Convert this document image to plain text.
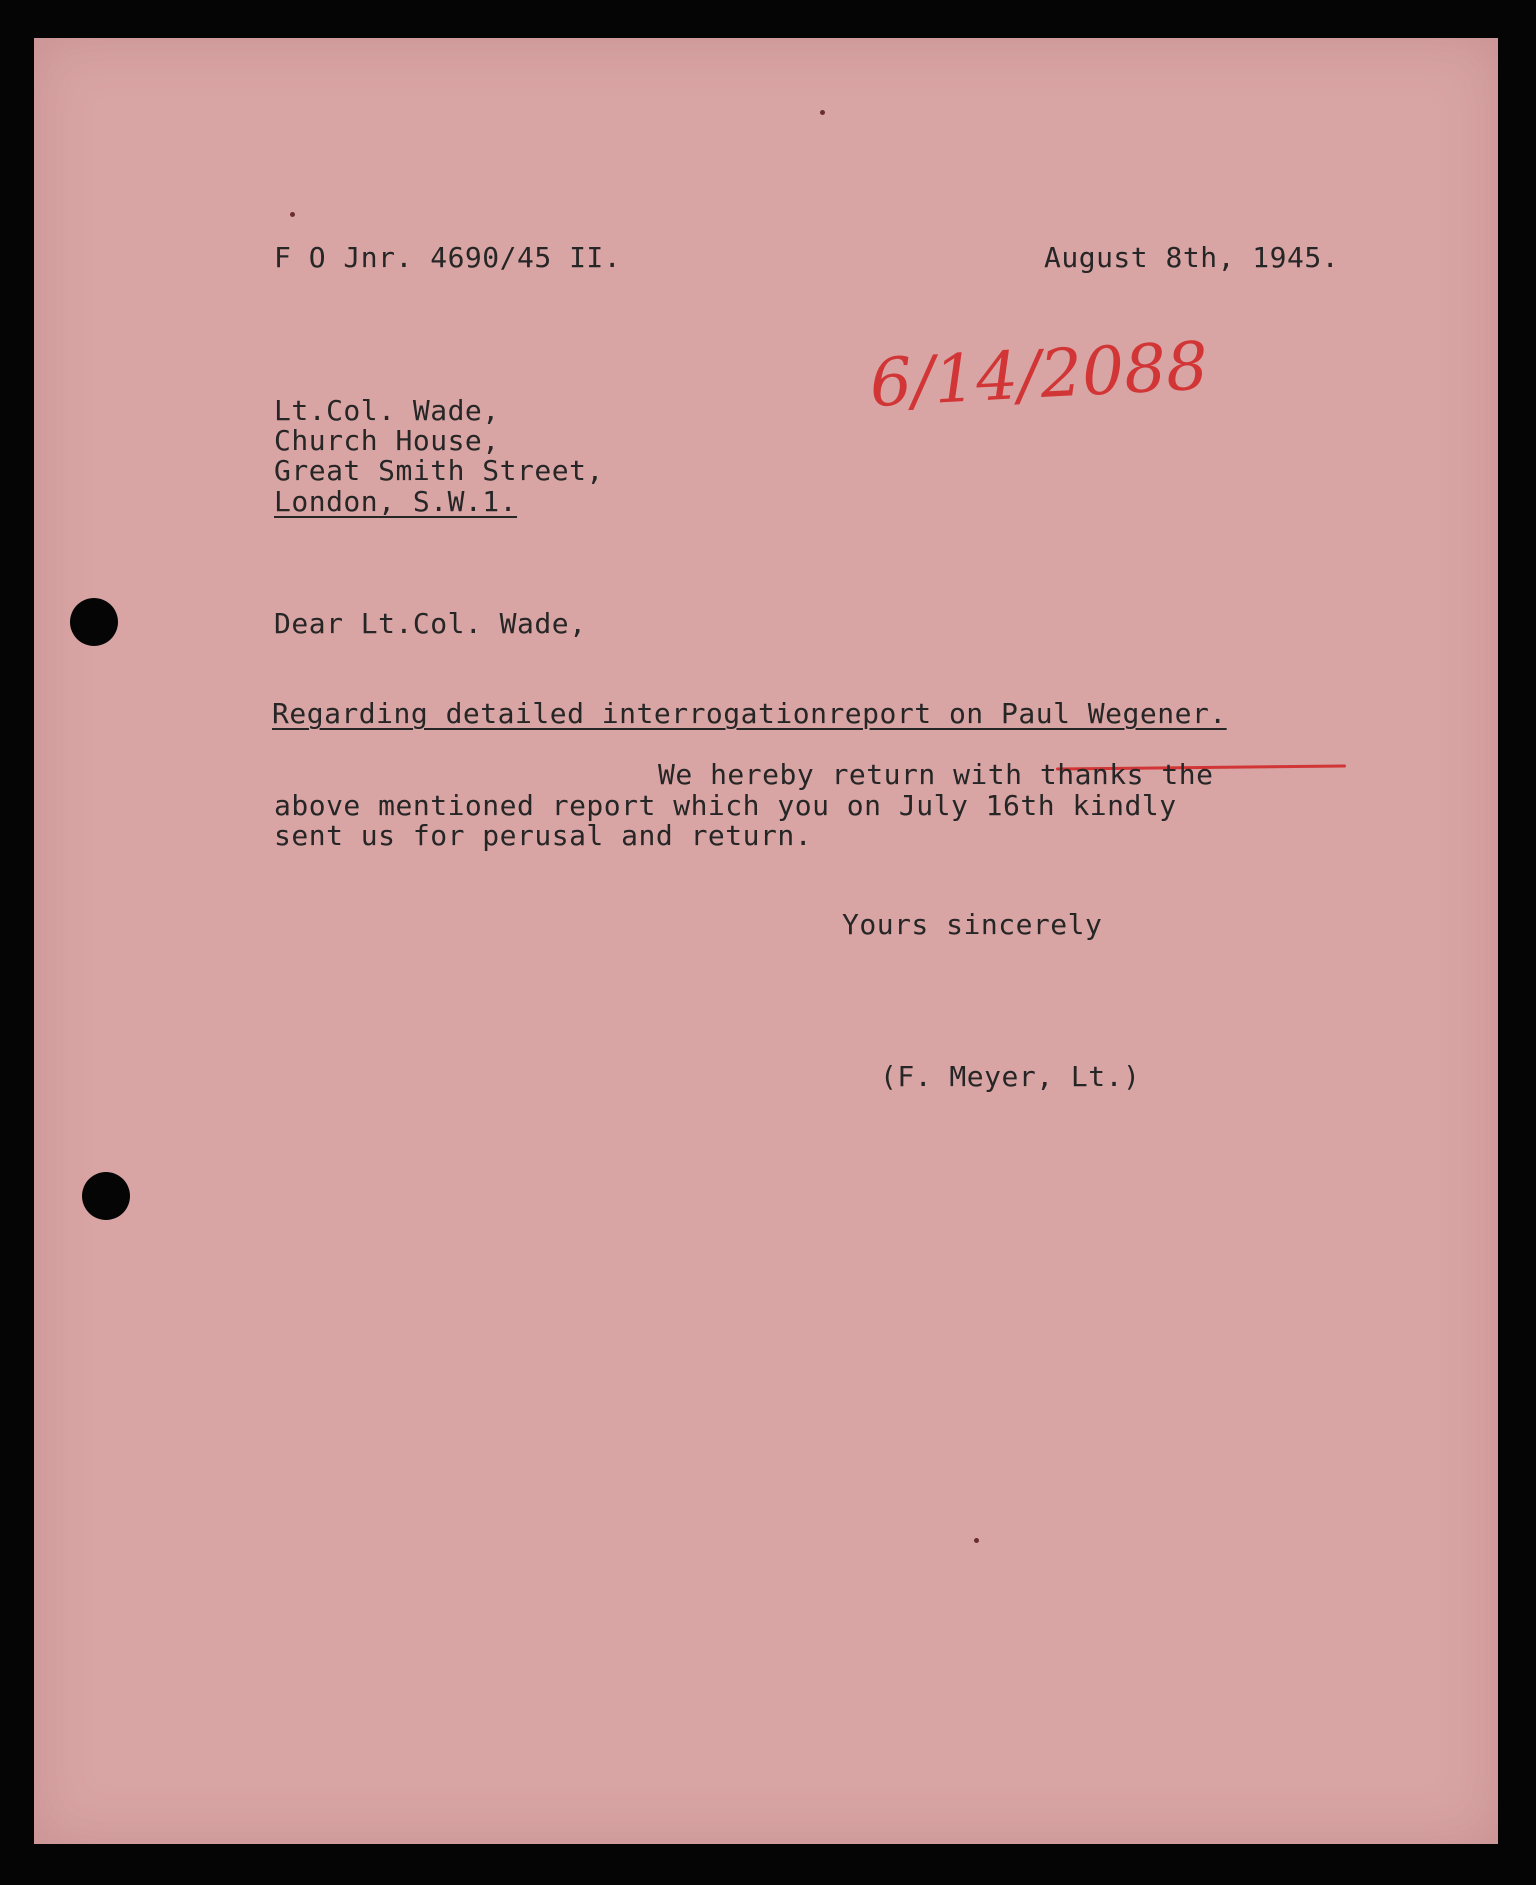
F O Jnr. 4690/45 II.	August 8th, 1945.
6/14/2088
Lt.Col. Wade,
Church House,
Great Smith Street,
London, S.W.1.
Dear Lt.Col. Wade,
Regarding detailed interrogationreport on Paul Wegener.
We hereby return with thanks the
above mentioned report which you on July 16th kindly
sent us for perusal and return.
Yours sincerely
(F. Meyer, Lt.)
